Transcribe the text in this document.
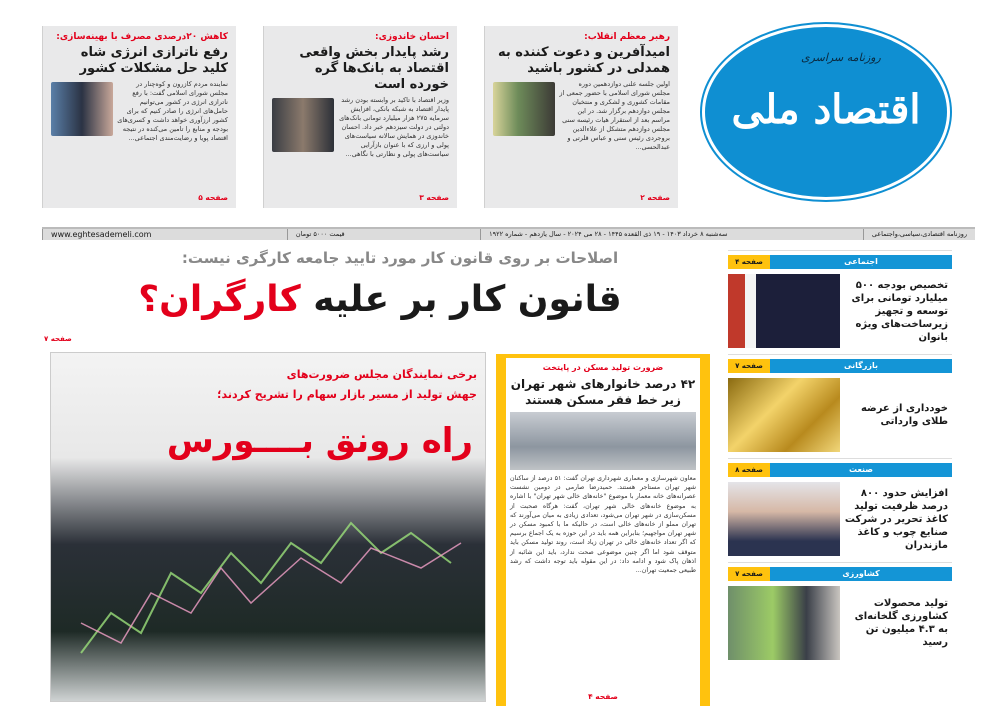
رهبر معظم انقلاب:
امیدآفرین و دعوت کننده به همدلی در کشور باشید
اولین جلسه علنی دوازدهمین دوره مجلس شورای اسلامی با حضور جمعی از مقامات کشوری و لشکری و منتخبان مجلس دوازدهم برگزار شد. در این مراسم بعد از استقرار هیات رئیسه سنی مجلس دوازدهم متشکل از علاءالدین بروجردی رئیس سنی و عباس قلرتی و عبدالحسی...
صفحه ۲
احسان خاندوزی:
رشد پایدار بخش واقعی اقتصاد به بانک‌ها گره خورده است
وزیر اقتصاد با تاکید بر وابسته بودن رشد پایدار اقتصاد به شبکه بانکی، افزایش سرمایه ۲۷۵ هزار میلیارد تومانی بانک‌های دولتی در دولت سیزدهم خبر داد. احسان خاندوزی در همایش سالانه سیاست‌های پولی و ارزی که با عنوان بازآرایی سیاست‌های پولی و نظارتی با نگاهی...
صفحه ۳
کاهش ۲۰درصدی مصرف با بهینه‌سازی:
رفع ناترازی انرژی شاه کلید حل مشکلات کشور
نماینده مردم کازرون و کوه‌چنار در مجلس شورای اسلامی گفت: با رفع ناترازی انرژی در کشور می‌توانیم حامل‌های انرژی را صادر کنیم که برای کشور ارزآوری خواهد داشت و کسری‌های بودجه و منابع را تامین می‌کنده در نتیجه اقتصاد پویا و رضایت‌مندی اجتماعی...
صفحه ۵
روزنامه سراسری
اقتصاد ملی
روزنامه اقتصادی،سیاسی،واجتماعی
سه‌شنبه ۸ خرداد ۱۴۰۳ - ۱۹ ذی القعده ۱۴۴۵ - ۲۸ می ۲۰۲۴ - سال یازدهم - شماره ۱۹۲۲
قیمت ۵۰۰۰ تومان
www.eghtesademeli.com
اصلاحات بر روی قانون کار مورد تایید جامعه کارگری نیست:
قانون کار بر علیه کارگران؟
صفحه ۷
برخی نمایندگان مجلس ضرورت‌های
جهش تولید از مسیر بازار سهام را تشریح کردند؛
راه رونق بــــورس
ضرورت تولید مسکن در پایتخت
۴۲ درصد خانوارهای شهر تهران زیر خط فقر مسکن هستند
معاون شهرسازی و معماری شهرداری تهران گفت: ۵۱ درصد از ساکنان شهر تهران مستاجر هستند. حمیدرضا صارمی در دومین نشست عصرانه‌های خانه معمار با موضوع "خانه‌های خالی شهر تهران" با اشاره به موضوع خانه‌های خالی شهر تهران، گفت: هرگاه صحبت از مسکن‌سازی در شهر تهران می‌شود، تعدادی زیادی به میان می‌آورند که تهران مملو از خانه‌های خالی است، در حالیکه ما با کمبود مسکن در شهر تهران مواجهیم؛ بنابراین همه باید در این حوزه به یک اجماع برسیم که اگر تعداد خانه‌های خالی در تهران زیاد است، روند تولید مسکن باید متوقف شود اما اگر چنین موضوعی صحت ندارد، باید این شائبه از اذهان پاک شود و ادامه داد: در این مقوله باید توجه داشت که رشد طبیعی جمعیت تهران...
صفحه ۴
اجتماعی
صفحه ۴
تخصیص بودجه ۵۰۰ میلیارد تومانی برای توسعه و تجهیز زیرساخت‌های ویژه بانوان
بازرگانی
صفحه ۷
خودداری از عرضه طلای وارداتی
صنعت
صفحه ۸
افزایش حدود ۸۰۰ درصد ظرفیت تولید کاغذ تحریر در شرکت صنایع چوب و کاغذ مازندران
کشاورزی
صفحه ۷
تولید محصولات کشاورزی گلخانه‌ای به ۴.۳ میلیون تن رسید
